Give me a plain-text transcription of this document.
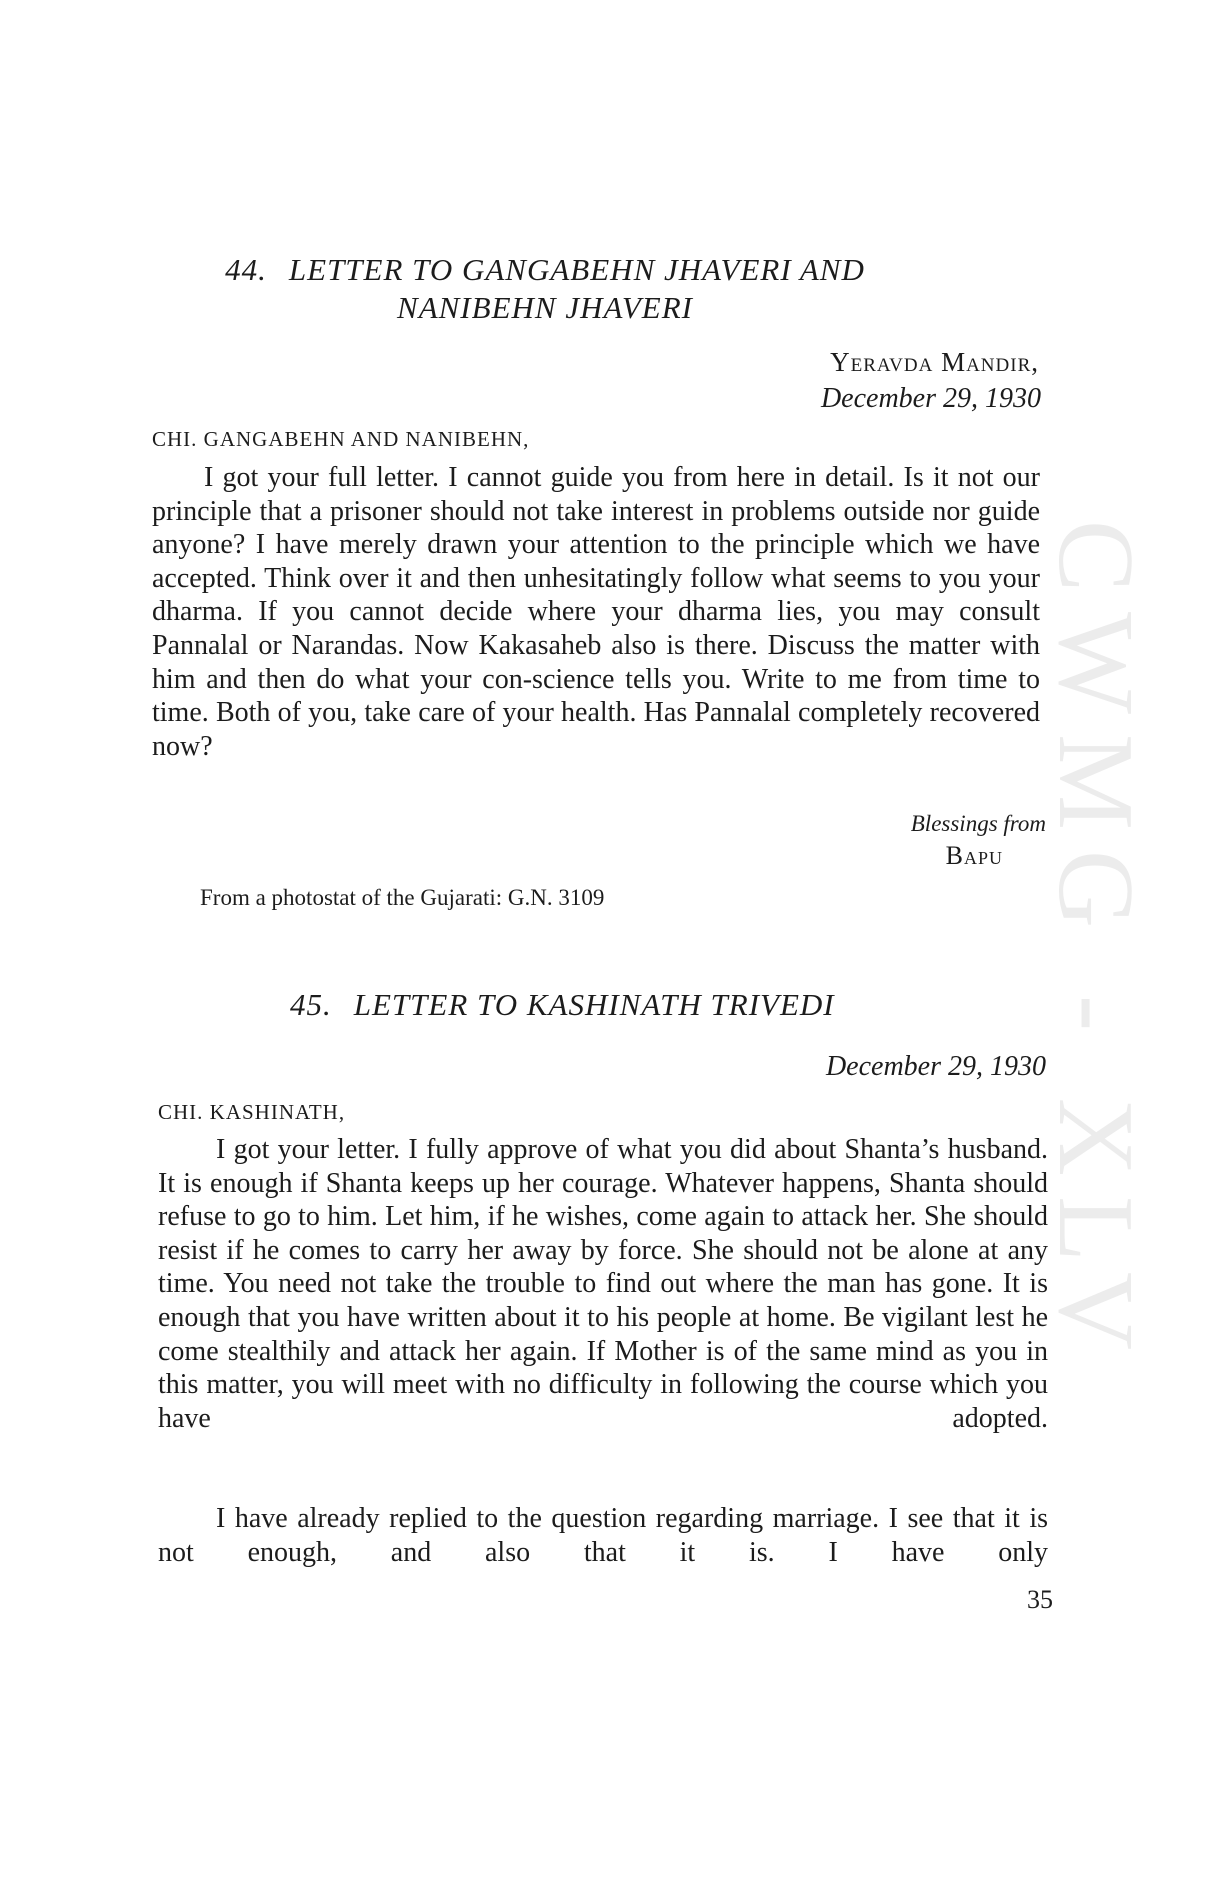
CWMG - XLV
44. LETTER TO GANGABEHN JHAVERI AND
NANIBEHN JHAVERI
Yeravda Mandir,
December 29, 1930
CHI. GANGABEHN AND NANIBEHN,
I got your full letter. I cannot guide you from here in detail. Is it not our principle that a prisoner should not take interest in problems outside nor guide anyone? I have merely drawn your attention to the principle which we have accepted. Think over it and then unhesitatingly follow what seems to you your dharma. If you cannot decide where your dharma lies, you may consult Pannalal or Narandas. Now Kakasaheb also is there. Discuss the matter with him and then do what your con-science tells you. Write to me from time to time. Both of you, take care of your health. Has Pannalal completely recovered now?
Blessings from
Bapu
From a photostat of the Gujarati: G.N. 3109
45. LETTER TO KASHINATH TRIVEDI
December 29, 1930
CHI. KASHINATH,
I got your letter. I fully approve of what you did about Shanta’s husband. It is enough if Shanta keeps up her courage. Whatever happens, Shanta should refuse to go to him. Let him, if he wishes, come again to attack her. She should resist if he comes to carry her away by force. She should not be alone at any time. You need not take the trouble to find out where the man has gone. It is enough that you have written about it to his people at home. Be vigilant lest he come stealthily and attack her again. If Mother is of the same mind as you in this matter, you will meet with no difficulty in following the course which you have adopted.
I have already replied to the question regarding marriage. I see that it is not enough, and also that it is. I have only
35
